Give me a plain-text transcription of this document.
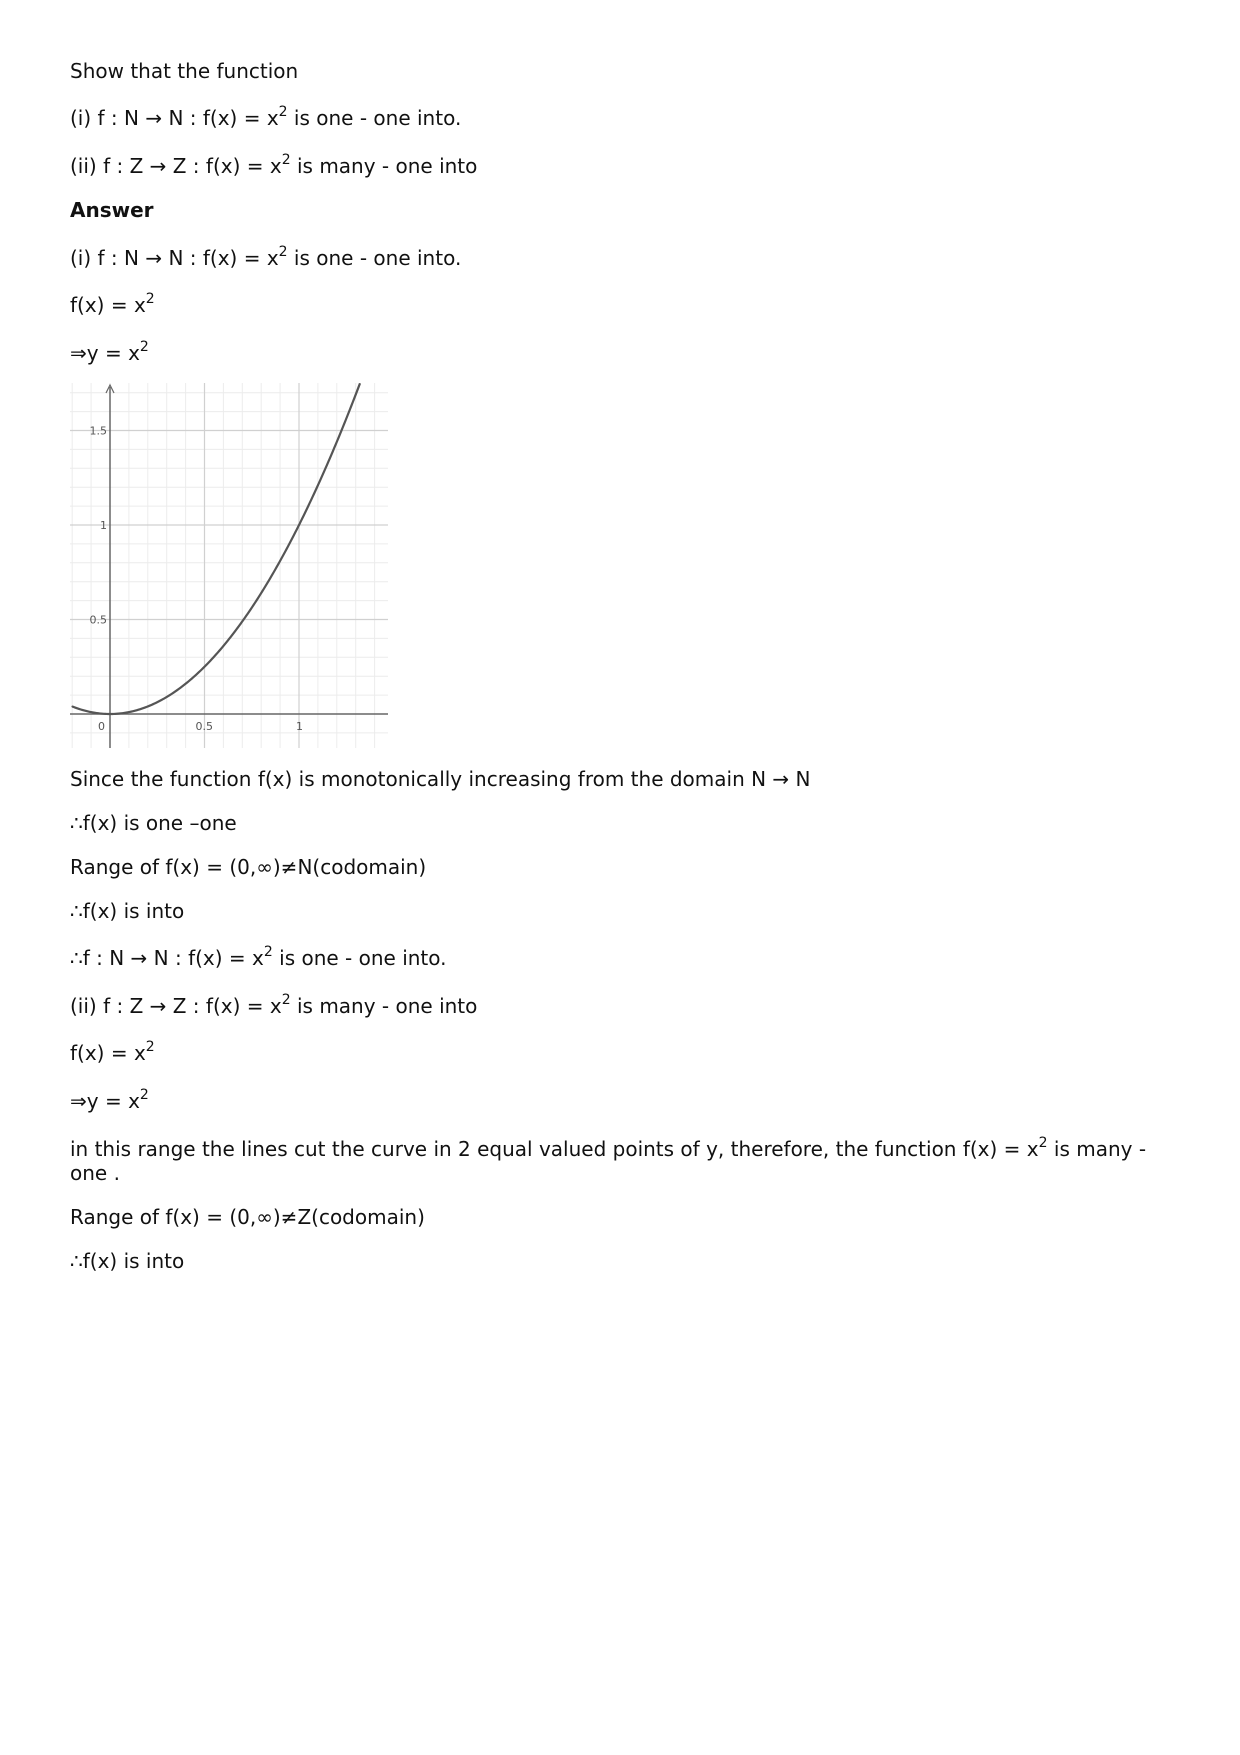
Show that the function
(i) f : N → N : $f(x) = x^2$ is one - one into.
(ii) f : Z → Z : $f(x) = x^2$ is many - one into
Answer
(i) f : N → N : $f(x) = x^2$ is one - one into.
$f(x) = x^2$
⇒y = $x^2$
0	0.5	1
0.5
1
1.5
Since the function f(x) is monotonically increasing from the domain N → N
∴f(x) is one –one
Range of f(x) = (0,∞)≠N(codomain)
∴f(x) is into
∴f : N → N : $f(x) = x^2$ is one - one into.
(ii) f : Z → Z : $f(x) = x^2$ is many - one into
$f(x) = x^2$
⇒y = $x^2$
in this range the lines cut the curve in 2 equal valued points of y, therefore, the function $f(x) = x^2$ is many - one .
Range of f(x) = (0,∞)≠Z(codomain)
∴f(x) is into
